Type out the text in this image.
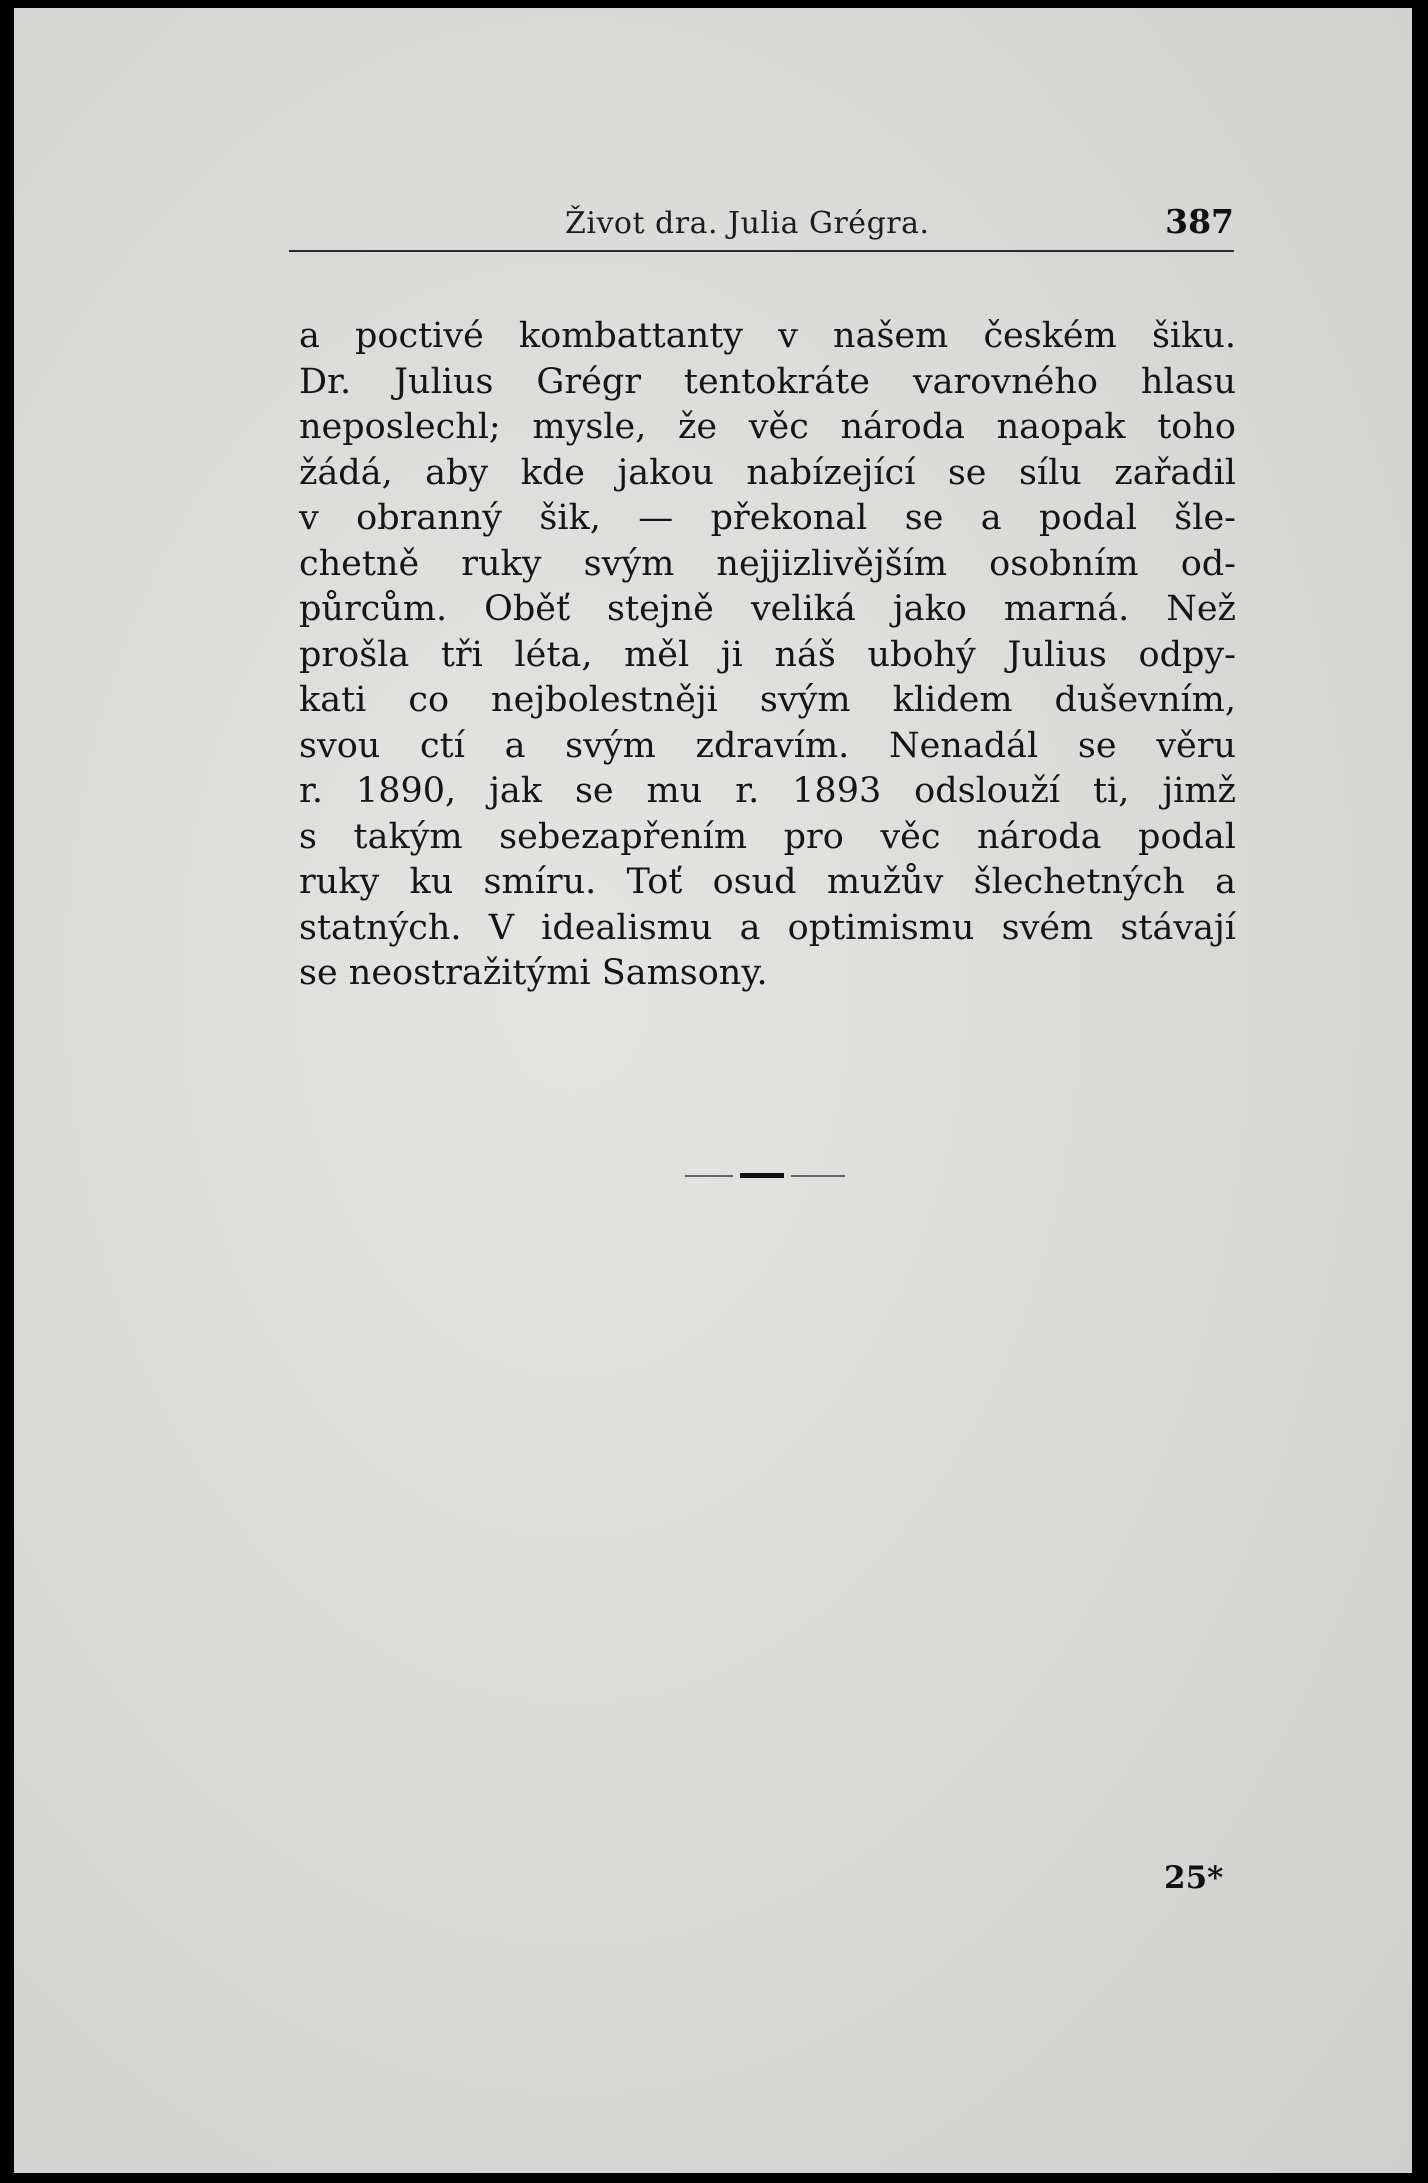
Život dra. Julia Grégra.	387
a poctivé kombattanty v našem českém šiku.
Dr. Julius Grégr tentokráte varovného hlasu
neposlechl; mysle, že věc národa naopak toho
žádá, aby kde jakou nabízející se sílu zařadil
v obranný šik, — překonal se a podal šle-
chetně ruky svým nejjizlivějším osobním od-
půrcům. Oběť stejně veliká jako marná. Než
prošla tři léta, měl ji náš ubohý Julius odpy-
kati co nejbolestněji svým klidem duševním,
svou ctí a svým zdravím. Nenadál se věru
r. 1890, jak se mu r. 1893 odslouží ti, jimž
s takým sebezapřením pro věc národa podal
ruky ku smíru. Toť osud mužův šlechetných a
statných. V idealismu a optimismu svém stávají
se neostražitými Samsony.
25*
